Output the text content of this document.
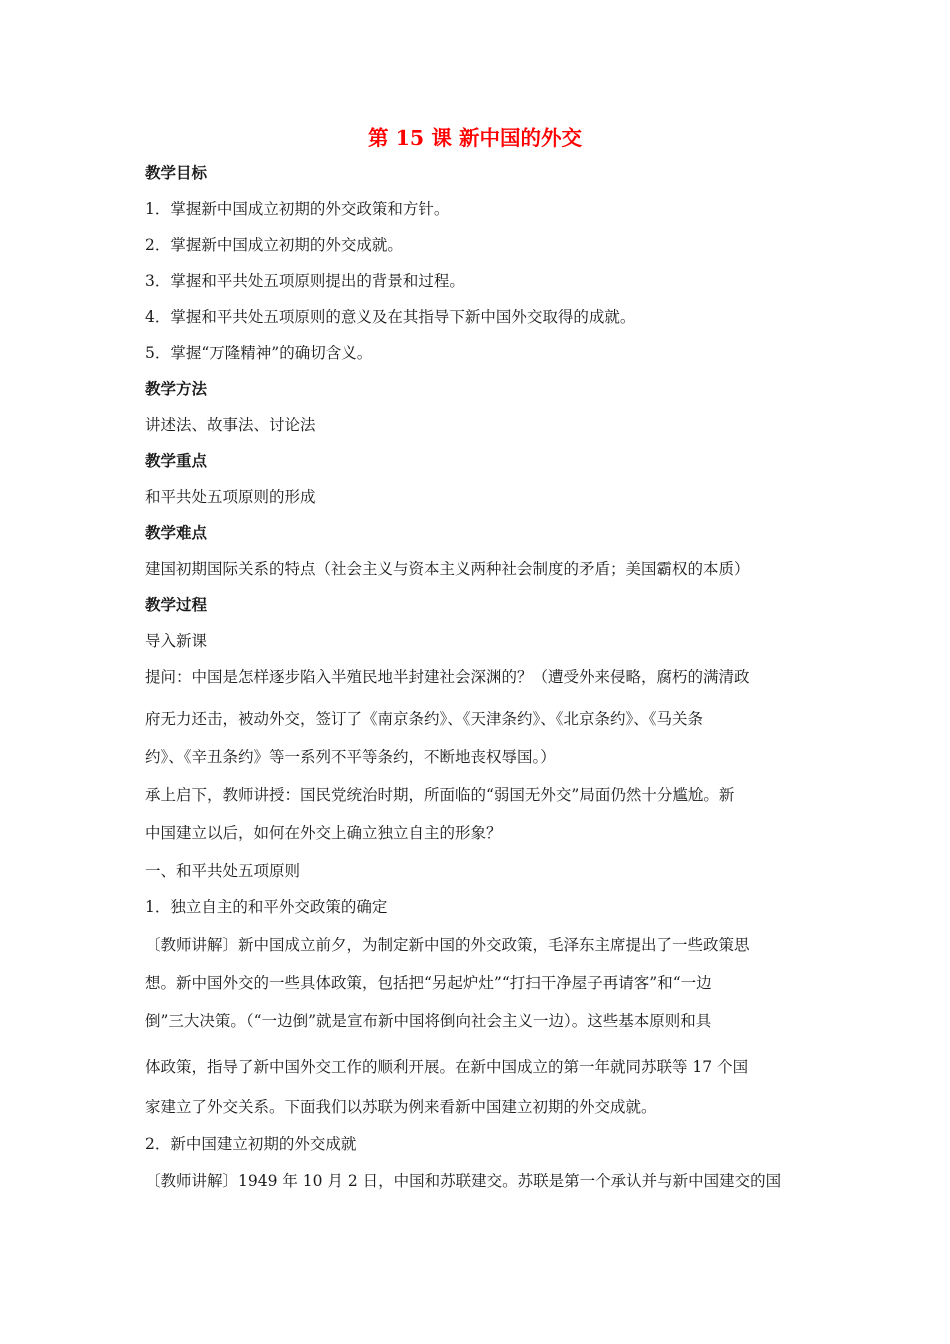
第 15 课 新中国的外交
教学目标
1．掌握新中国成立初期的外交政策和方针。
2．掌握新中国成立初期的外交成就。
3．掌握和平共处五项原则提出的背景和过程。
4．掌握和平共处五项原则的意义及在其指导下新中国外交取得的成就。
5．掌握“万隆精神”的确切含义。
教学方法
讲述法、故事法、讨论法
教学重点
和平共处五项原则的形成
教学难点
建国初期国际关系的特点（社会主义与资本主义两种社会制度的矛盾；美国霸权的本质）
教学过程
导入新课
提问：中国是怎样逐步陷入半殖民地半封建社会深渊的？（遭受外来侵略，腐朽的满清政
府无力还击，被动外交，签订了《南京条约》、《天津条约》、《北京条约》、《马关条
约》、《辛丑条约》等一系列不平等条约，不断地丧权辱国。）
承上启下，教师讲授：国民党统治时期，所面临的“弱国无外交”局面仍然十分尴尬。新
中国建立以后，如何在外交上确立独立自主的形象？
一、和平共处五项原则
1．独立自主的和平外交政策的确定
〔教师讲解〕新中国成立前夕，为制定新中国的外交政策，毛泽东主席提出了一些政策思
想。新中国外交的一些具体政策，包括把“另起炉灶”“打扫干净屋子再请客”和“一边
倒”三大决策。（“一边倒”就是宣布新中国将倒向社会主义一边）。这些基本原则和具
体政策，指导了新中国外交工作的顺利开展。在新中国成立的第一年就同苏联等 17 个国
家建立了外交关系。下面我们以苏联为例来看新中国建立初期的外交成就。
2．新中国建立初期的外交成就
〔教师讲解〕1949 年 10 月 2 日，中国和苏联建交。苏联是第一个承认并与新中国建交的国
